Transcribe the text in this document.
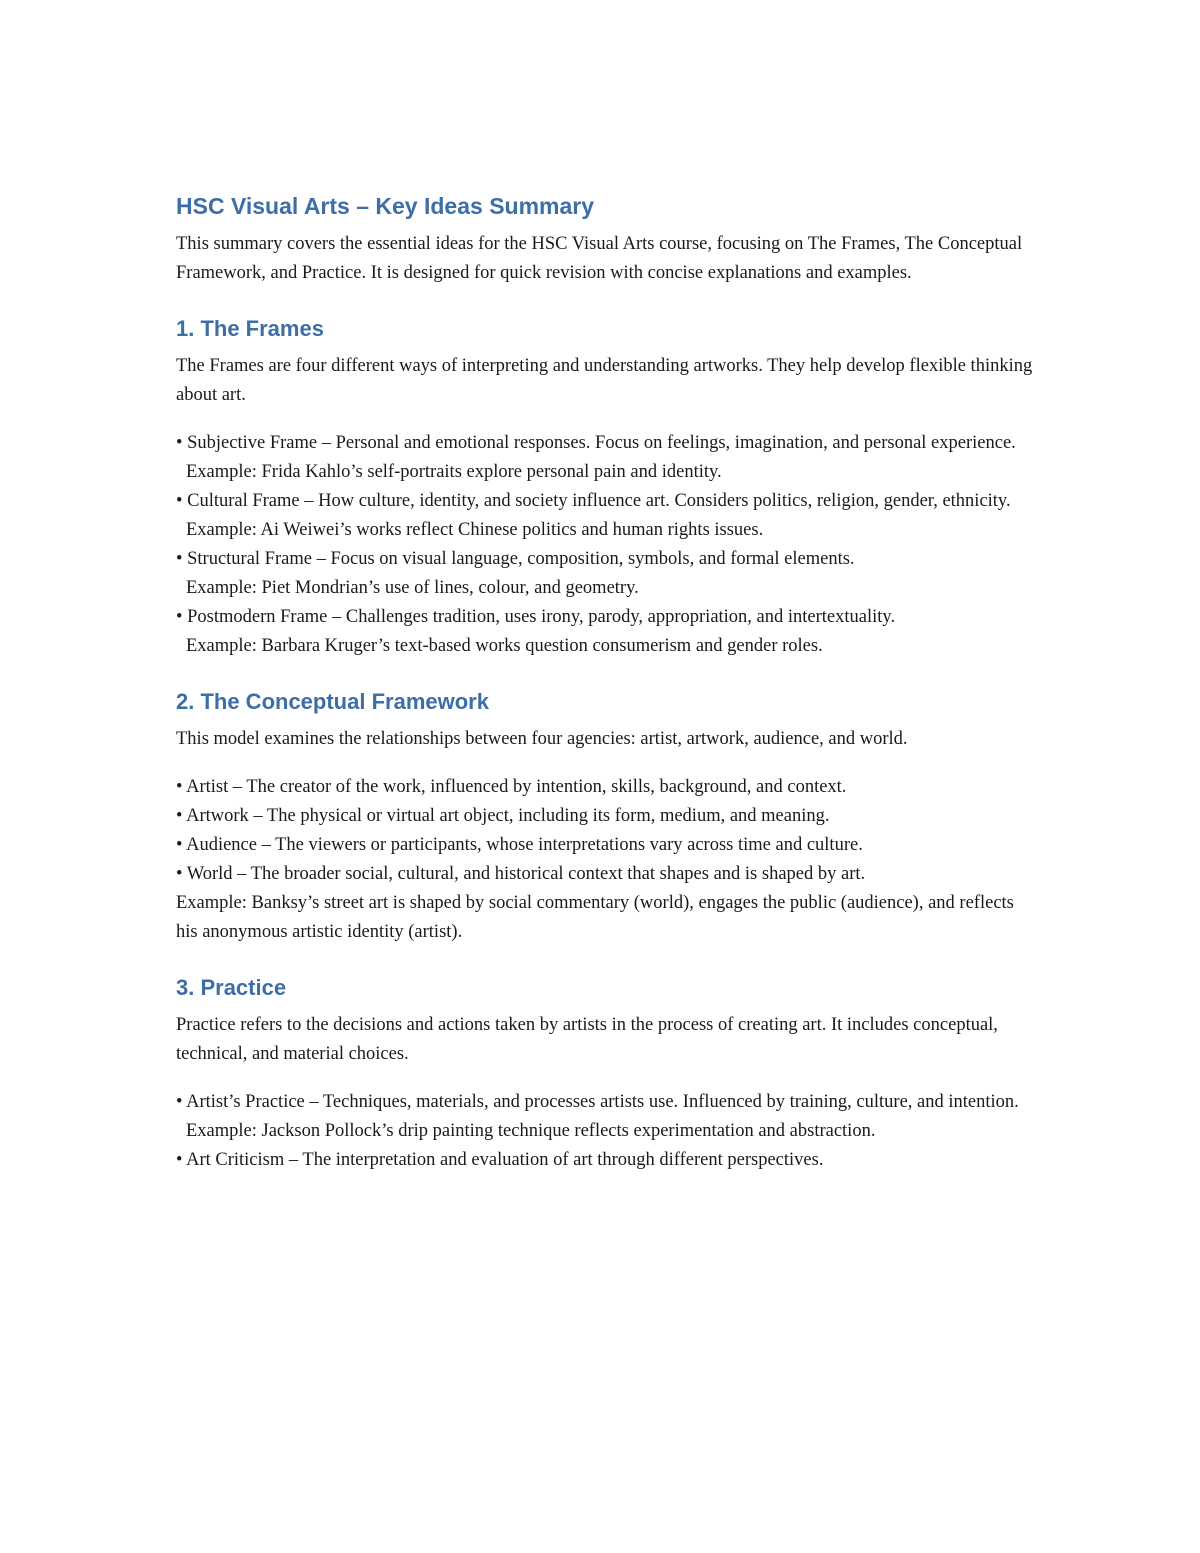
HSC Visual Arts – Key Ideas Summary

This summary covers the essential ideas for the HSC Visual Arts course, focusing on The Frames, The Conceptual Framework, and Practice. It is designed for quick revision with concise explanations and examples.

1. The Frames

The Frames are four different ways of interpreting and understanding artworks. They help develop flexible thinking about art.

• Subjective Frame – Personal and emotional responses. Focus on feelings, imagination, and personal experience.

Example: Frida Kahlo’s self-portraits explore personal pain and identity.

• Cultural Frame – How culture, identity, and society influence art. Considers politics, religion, gender, ethnicity.

Example: Ai Weiwei’s works reflect Chinese politics and human rights issues.

• Structural Frame – Focus on visual language, composition, symbols, and formal elements.

Example: Piet Mondrian’s use of lines, colour, and geometry.

• Postmodern Frame – Challenges tradition, uses irony, parody, appropriation, and intertextuality.

Example: Barbara Kruger’s text-based works question consumerism and gender roles.

2. The Conceptual Framework

This model examines the relationships between four agencies: artist, artwork, audience, and world.

• Artist – The creator of the work, influenced by intention, skills, background, and context.

• Artwork – The physical or virtual art object, including its form, medium, and meaning.

• Audience – The viewers or participants, whose interpretations vary across time and culture.

• World – The broader social, cultural, and historical context that shapes and is shaped by art.

Example: Banksy’s street art is shaped by social commentary (world), engages the public (audience), and reflects his anonymous artistic identity (artist).

3. Practice

Practice refers to the decisions and actions taken by artists in the process of creating art. It includes conceptual, technical, and material choices.

• Artist’s Practice – Techniques, materials, and processes artists use. Influenced by training, culture, and intention.

Example: Jackson Pollock’s drip painting technique reflects experimentation and abstraction.

• Art Criticism – The interpretation and evaluation of art through different perspectives.
